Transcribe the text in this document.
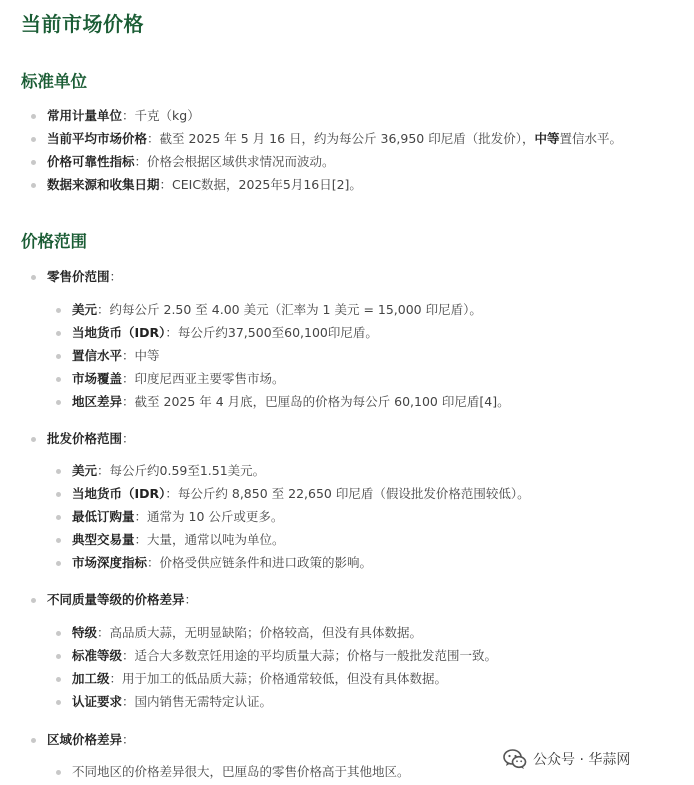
当前市场价格
标准单位
常用计量单位：千克（kg）
当前平均市场价格：截至 2025 年 5 月 16 日，约为每公斤 36,950 印尼盾（批发价），中等置信水平。
价格可靠性指标：价格会根据区域供求情况而波动。
数据来源和收集日期：CEIC数据，2025年5月16日[2]。
价格范围
零售价范围：
美元：约每公斤 2.50 至 4.00 美元（汇率为 1 美元 = 15,000 印尼盾）。
当地货币（IDR）：每公斤约37,500至60,100印尼盾。
置信水平：中等
市场覆盖：印度尼西亚主要零售市场。
地区差异：截至 2025 年 4 月底，巴厘岛的价格为每公斤 60,100 印尼盾[4]。
批发价格范围：
美元：每公斤约0.59至1.51美元。
当地货币（IDR）：每公斤约 8,850 至 22,650 印尼盾（假设批发价格范围较低）。
最低订购量：通常为 10 公斤或更多。
典型交易量：大量，通常以吨为单位。
市场深度指标：价格受供应链条件和进口政策的影响。
不同质量等级的价格差异：
特级：高品质大蒜，无明显缺陷；价格较高，但没有具体数据。
标准等级：适合大多数烹饪用途的平均质量大蒜；价格与一般批发范围一致。
加工级：用于加工的低品质大蒜；价格通常较低，但没有具体数据。
认证要求：国内销售无需特定认证。
区域价格差异：
不同地区的价格差异很大，巴厘岛的零售价格高于其他地区。
公众号 · 华蒜网
